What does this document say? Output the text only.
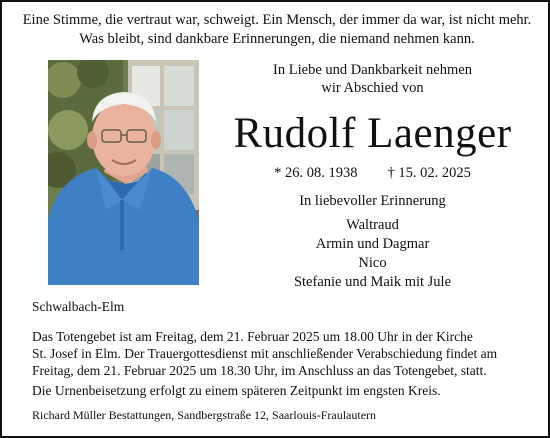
Eine Stimme, die vertraut war, schweigt. Ein Mensch, der immer da war, ist nicht mehr.
Was bleibt, sind dankbare Erinnerungen, die niemand nehmen kann.
In Liebe und Dankbarkeit nehmen
wir Abschied von
Rudolf Laenger
* 26. 08. 1938 † 15. 02. 2025
In liebevoller Erinnerung
Waltraud
Armin und Dagmar
Nico
Stefanie und Maik mit Jule
Schwalbach-Elm
Das Totengebet ist am Freitag, dem 21. Februar 2025 um 18.00 Uhr in der Kirche
St. Josef in Elm. Der Trauergottesdienst mit anschließender Verabschiedung findet am
Freitag, dem 21. Februar 2025 um 18.30 Uhr, im Anschluss an das Totengebet, statt.
Die Urnenbeisetzung erfolgt zu einem späteren Zeitpunkt im engsten Kreis.
Richard Müller Bestattungen, Sandbergstraße 12, Saarlouis-Fraulautern
